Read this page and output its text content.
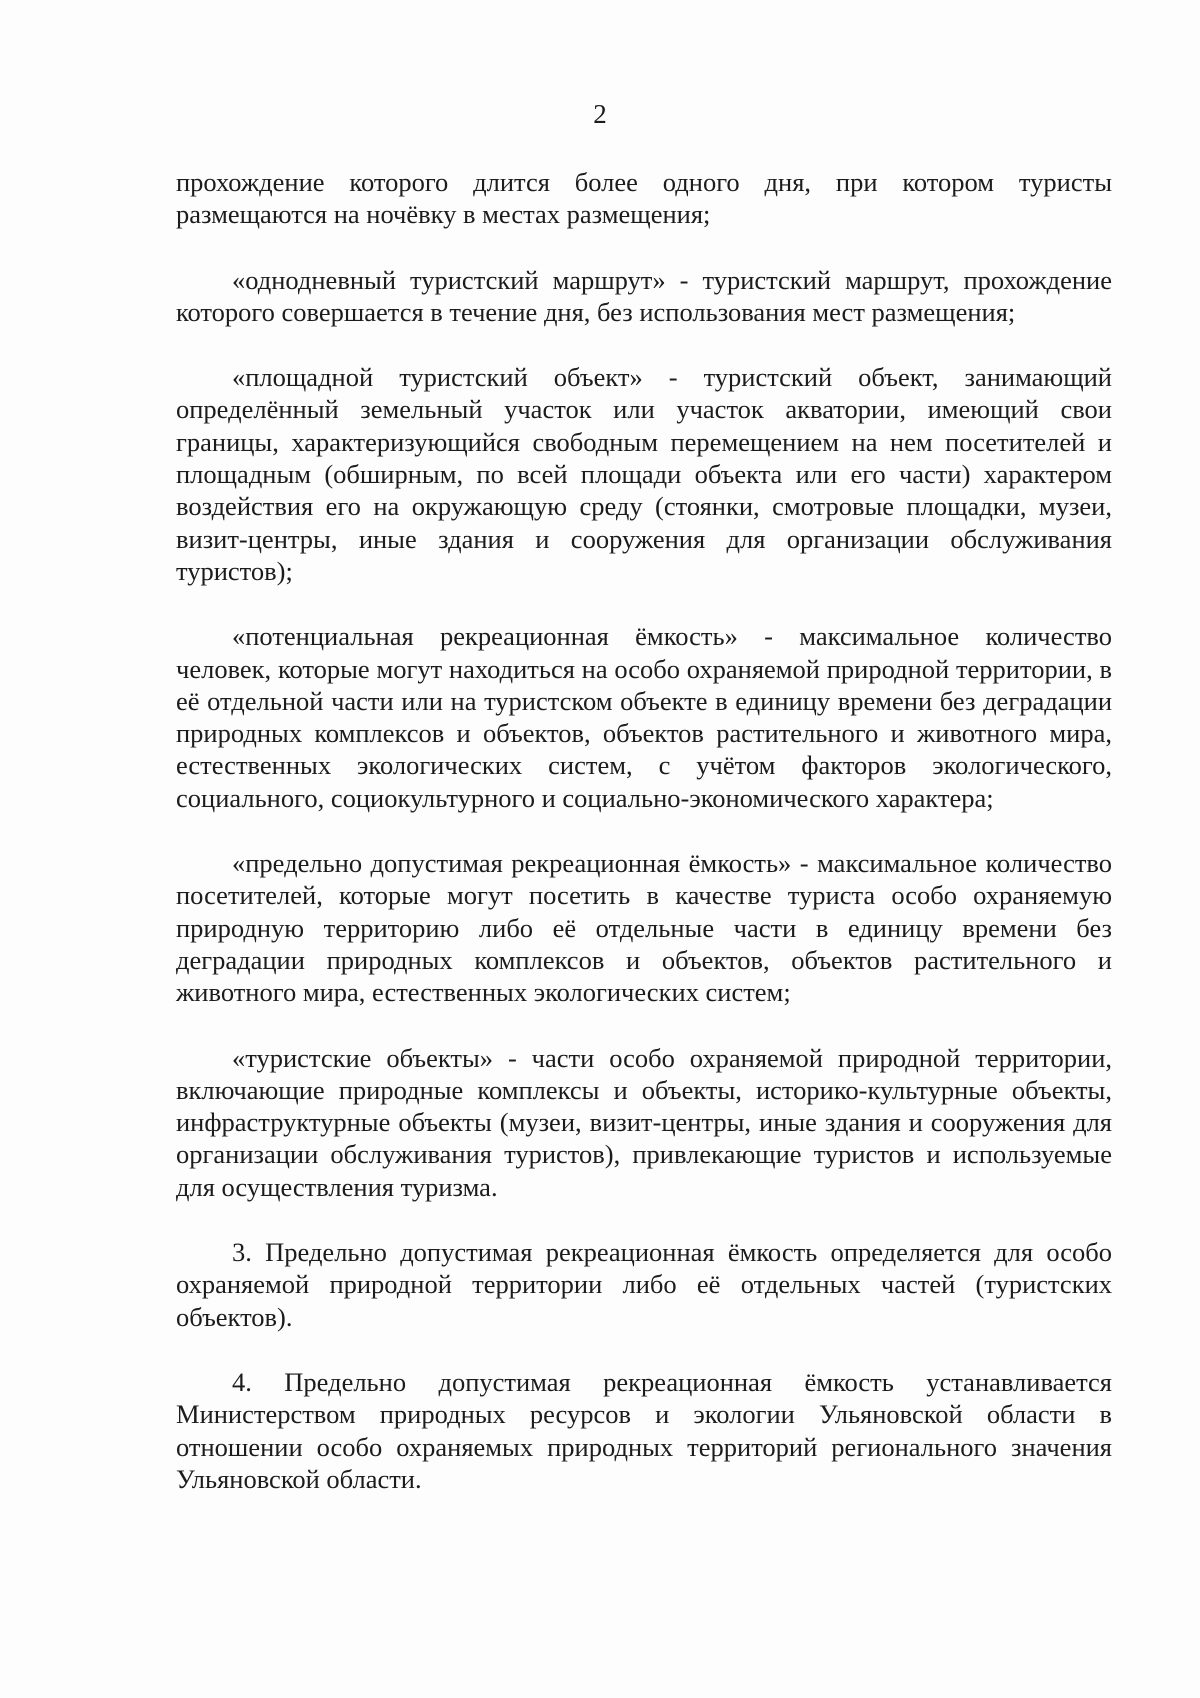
2

прохождение которого длится более одного дня, при котором туристы размещаются на ночёвку в местах размещения;

«однодневный туристский маршрут» - туристский маршрут, прохождение которого совершается в течение дня, без использования мест размещения;

«площадной туристский объект» - туристский объект, занимающий определённый земельный участок или участок акватории, имеющий свои границы, характеризующийся свободным перемещением на нем посетителей и площадным (обширным, по всей площади объекта или его части) характером воздействия его на окружающую среду (стоянки, смотровые площадки, музеи, визит-центры, иные здания и сооружения для организации обслуживания туристов);

«потенциальная рекреационная ёмкость» - максимальное количество человек, которые могут находиться на особо охраняемой природной территории, в её отдельной части или на туристском объекте в единицу времени без деградации природных комплексов и объектов, объектов растительного и животного мира, естественных экологических систем, с учётом факторов экологического, социального, социокультурного и социально-экономического характера;

«предельно допустимая рекреационная ёмкость» - максимальное количество посетителей, которые могут посетить в качестве туриста особо охраняемую природную территорию либо её отдельные части в единицу времени без деградации природных комплексов и объектов, объектов растительного и животного мира, естественных экологических систем;

«туристские объекты» - части особо охраняемой природной территории, включающие природные комплексы и объекты, историко-культурные объекты, инфраструктурные объекты (музеи, визит-центры, иные здания и сооружения для организации обслуживания туристов), привлекающие туристов и используемые для осуществления туризма.

3. Предельно допустимая рекреационная ёмкость определяется для особо охраняемой природной территории либо её отдельных частей (туристских объектов).

4. Предельно допустимая рекреационная ёмкость устанавливается Министерством природных ресурсов и экологии Ульяновской области в отношении особо охраняемых природных территорий регионального значения Ульяновской области.
